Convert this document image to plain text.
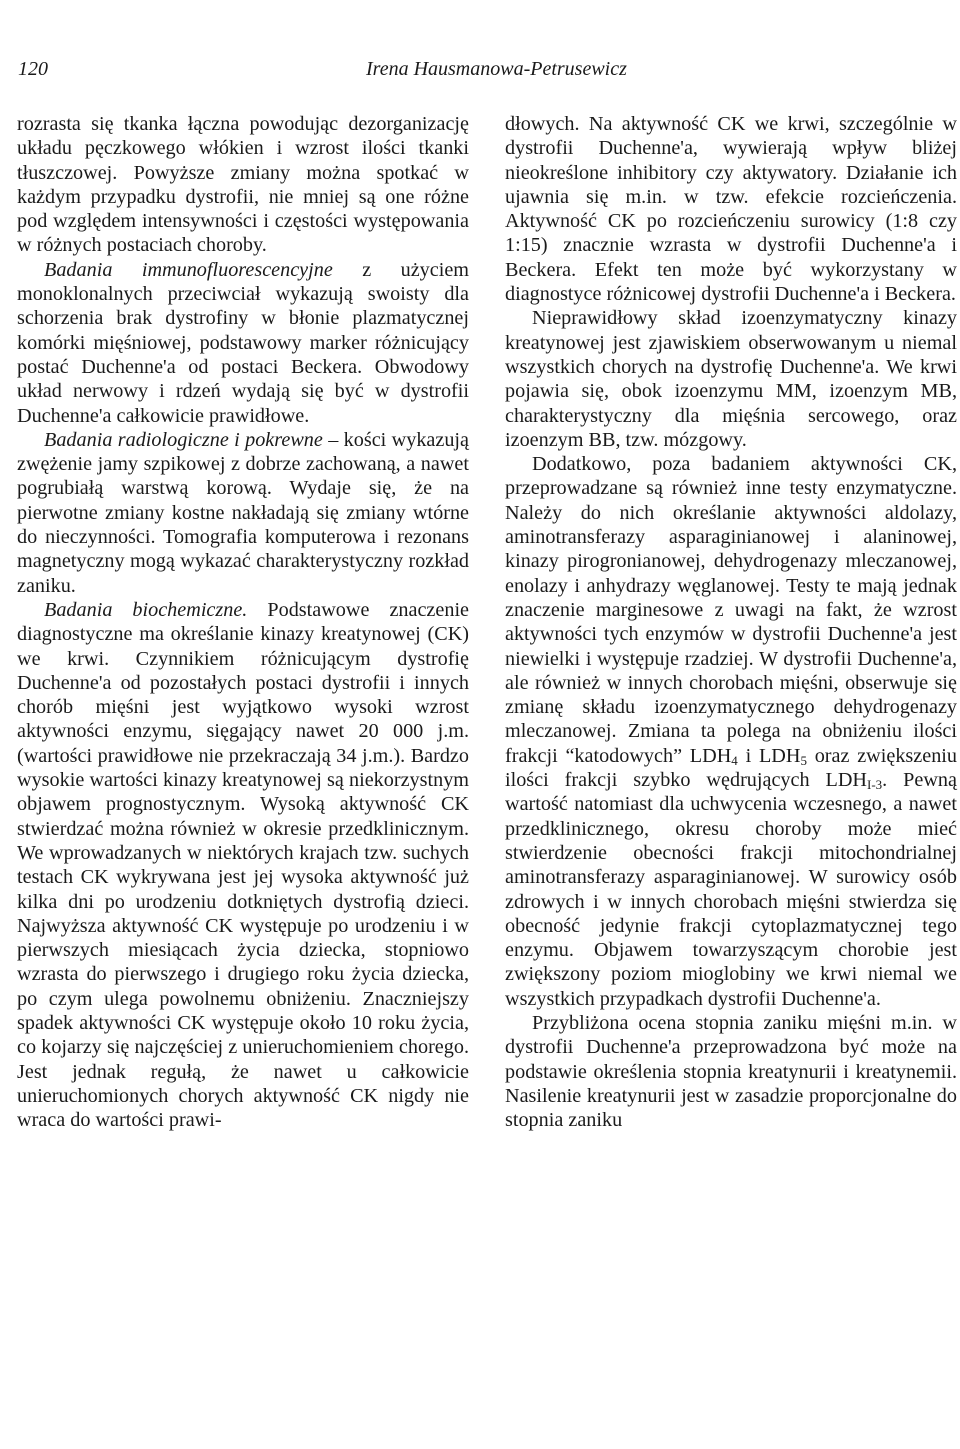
120	Irena Hausmanowa-Petrusewicz

rozrasta się tkanka łączna powodując dezorganizację układu pęczkowego włókien i wzrost ilości tkanki tłuszczowej. Powyższe zmiany można spotkać w każdym przypadku dystrofii, nie mniej są one różne pod względem intensywności i częstości występowania w różnych postaciach choroby.

Badania immunofluorescencyjne z użyciem monoklonalnych przeciwciał wykazują swoisty dla schorzenia brak dystrofiny w błonie plazmatycznej komórki mięśniowej, podstawowy marker różnicujący postać Duchenne'a od postaci Beckera. Obwodowy układ nerwowy i rdzeń wydają się być w dystrofii Duchenne'a całkowicie prawidłowe.

Badania radiologiczne i pokrewne – kości wykazują zwężenie jamy szpikowej z dobrze zachowaną, a nawet pogrubiałą warstwą korową. Wydaje się, że na pierwotne zmiany kostne nakładają się zmiany wtórne do nieczynności. Tomografia komputerowa i rezonans magnetyczny mogą wykazać charakterystyczny rozkład zaniku.

Badania biochemiczne. Podstawowe znaczenie diagnostyczne ma określanie kinazy kreatynowej (CK) we krwi. Czynnikiem różnicującym dystrofię Duchenne'a od pozostałych postaci dystrofii i innych chorób mięśni jest wyjątkowo wysoki wzrost aktywności enzymu, sięgający nawet 20 000 j.m. (wartości prawidłowe nie przekraczają 34 j.m.). Bardzo wysokie wartości kinazy kreatynowej są niekorzystnym objawem prognostycznym. Wysoką aktywność CK stwierdzać można również w okresie przedklinicznym. We wprowadzanych w niektórych krajach tzw. suchych testach CK wykrywana jest jej wysoka aktywność już kilka dni po urodzeniu dotkniętych dystrofią dzieci. Najwyższa aktywność CK występuje po urodzeniu i w pierwszych miesiącach życia dziecka, stopniowo wzrasta do pierwszego i drugiego roku życia dziecka, po czym ulega powolnemu obniżeniu. Znaczniejszy spadek aktywności CK występuje około 10 roku życia, co kojarzy się najczęściej z unieruchomieniem chorego. Jest jednak regułą, że nawet u całkowicie unieruchomionych chorych aktywność CK nigdy nie wraca do wartości prawi-

dłowych. Na aktywność CK we krwi, szczególnie w dystrofii Duchenne'a, wywierają wpływ bliżej nieokreślone inhibitory czy aktywatory. Działanie ich ujawnia się m.in. w tzw. efekcie rozcieńczenia. Aktywność CK po rozcieńczeniu surowicy (1:8 czy 1:15) znacznie wzrasta w dystrofii Duchenne'a i Beckera. Efekt ten może być wykorzystany w diagnostyce różnicowej dystrofii Duchenne'a i Beckera.

Nieprawidłowy skład izoenzymatyczny kinazy kreatynowej jest zjawiskiem obserwowanym u niemal wszystkich chorych na dystrofię Duchenne'a. We krwi pojawia się, obok izoenzymu MM, izoenzym MB, charakterystyczny dla mięśnia sercowego, oraz izoenzym BB, tzw. mózgowy.

Dodatkowo, poza badaniem aktywności CK, przeprowadzane są również inne testy enzymatyczne. Należy do nich określanie aktywności aldolazy, aminotransferazy asparaginianowej i alaninowej, kinazy pirogronianowej, dehydrogenazy mleczanowej, enolazy i anhydrazy węglanowej. Testy te mają jednak znaczenie marginesowe z uwagi na fakt, że wzrost aktywności tych enzymów w dystrofii Duchenne'a jest niewielki i występuje rzadziej. W dystrofii Duchenne'a, ale również w innych chorobach mięśni, obserwuje się zmianę składu izoenzymatycznego dehydrogenazy mleczanowej. Zmiana ta polega na obniżeniu ilości frakcji “katodowych” $LDH_4$ i $LDH_5$ oraz zwiększeniu ilości frakcji szybko wędrujących $LDH_{I-3}$. Pewną wartość natomiast dla uchwycenia wczesnego, a nawet przedklinicznego, okresu choroby może mieć stwierdzenie obecności frakcji mitochondrialnej aminotransferazy asparaginianowej. W surowicy osób zdrowych i w innych chorobach mięśni stwierdza się obecność jedynie frakcji cytoplazmatycznej tego enzymu. Objawem towarzyszącym chorobie jest zwiększony poziom mioglobiny we krwi niemal we wszystkich przypadkach dystrofii Duchenne'a.

Przybliżona ocena stopnia zaniku mięśni m.in. w dystrofii Duchenne'a przeprowadzona być może na podstawie określenia stopnia kreatynurii i kreatynemii. Nasilenie kreatynurii jest w zasadzie proporcjonalne do stopnia zaniku
